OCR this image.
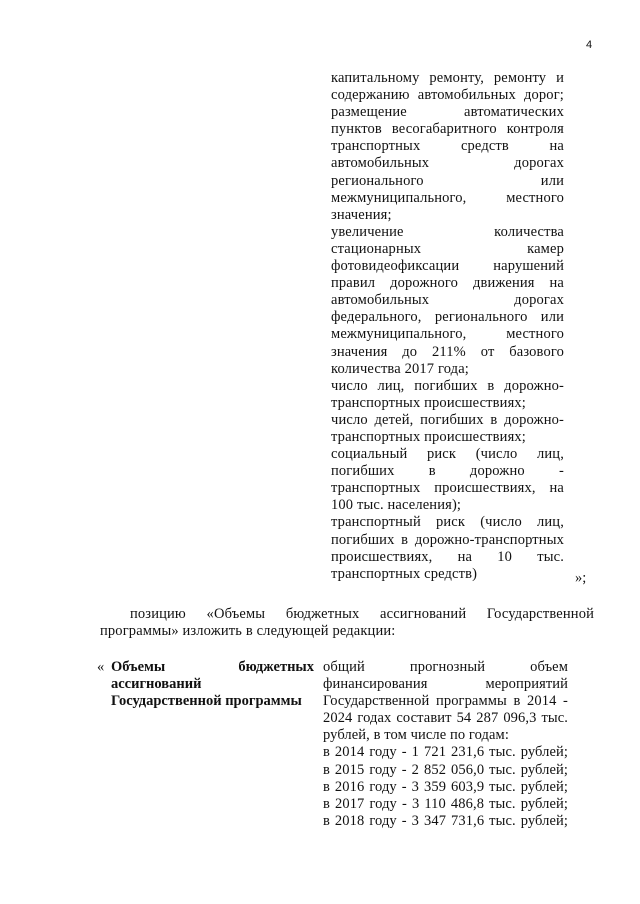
4
капитальному ремонту, ремонту и
содержанию автомобильных дорог;
размещение автоматических
пунктов весогабаритного контроля
транспортных средств на
автомобильных дорогах
регионального или
межмуниципального, местного
значения;
увеличение количества
стационарных камер
фотовидеофиксации нарушений
правил дорожного движения на
автомобильных дорогах
федерального, регионального или
межмуниципального, местного
значения до 211% от базового
количества 2017 года;
число лиц, погибших в дорожно-
транспортных происшествиях;
число детей, погибших в дорожно-
транспортных происшествиях;
социальный риск (число лиц,
погибших в дорожно -
транспортных происшествиях, на
100 тыс. населения);
транспортный риск (число лиц,
погибших в дорожно-транспортных
происшествиях, на 10 тыс.
транспортных средств)	»;
позицию «Объемы бюджетных ассигнований Государственной
программы» изложить в следующей редакции:
« Объемы бюджетных
ассигнований
Государственной программы
общий прогнозный объем
финансирования мероприятий
Государственной программы в 2014 -
2024 годах составит 54 287 096,3 тыс.
рублей, в том числе по годам:
в 2014 году - 1 721 231,6 тыс. рублей;
в 2015 году - 2 852 056,0 тыс. рублей;
в 2016 году - 3 359 603,9 тыс. рублей;
в 2017 году - 3 110 486,8 тыс. рублей;
в 2018 году - 3 347 731,6 тыс. рублей;
